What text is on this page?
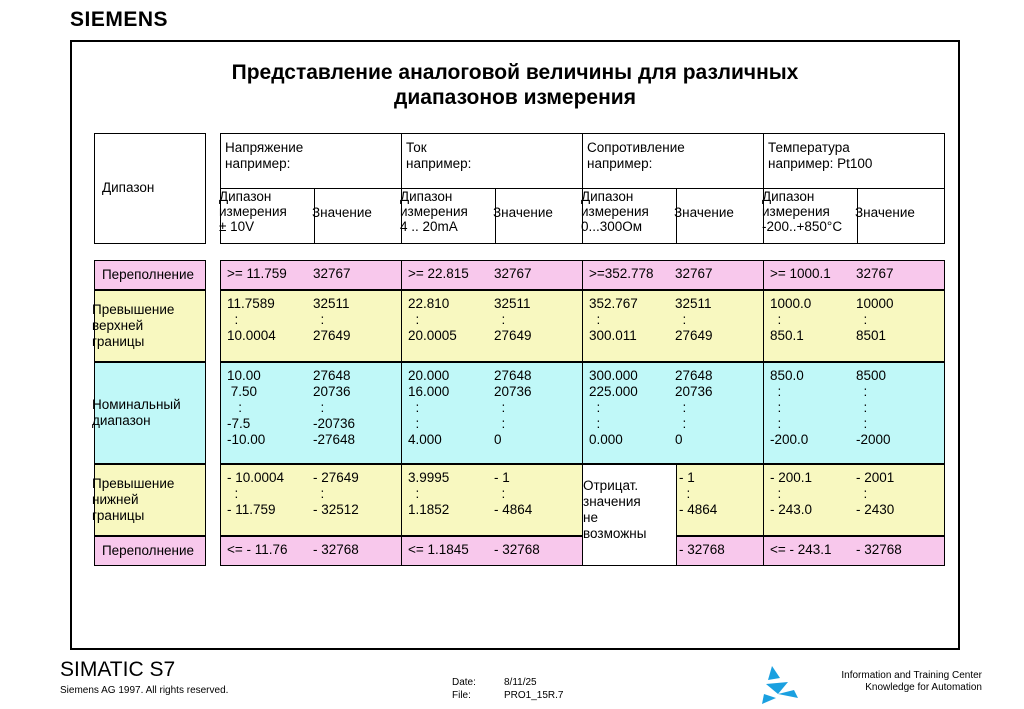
SIEMENS
Представление аналоговой величины для различных
диапазонов измерения
Дипазон
Переполнение
Превышение
верхней
границы
Номинальный
диапазон
Превышение
нижней
границы
Переполнение
Напряжение
например:
Дипазон
измерения
± 10V
Значение
>= 11.759 32767
11.7589
:
10.0004
32511
:
27649
10.00
7.50
:
-7.5
-10.00
27648
20736
:
-20736
-27648
- 10.0004
:
- 11.759
- 27649
:
- 32512
<= - 11.76 - 32768
Ток
например:
Дипазон
измерения
4 .. 20mA
Значение
>= 22.815 32767
22.810
:
20.0005
32511
:
27649
20.000
16.000
:
:
4.000
27648
20736
:
:
0
3.9995
:
1.1852
- 1
:
- 4864
<= 1.1845 - 32768
Сопротивление
например:
Дипазон
измерения
0...300Ом
Значение
>=352.778 32767
352.767
:
300.011
32511
:
27649
300.000
225.000
:
:
0.000
27648
20736
:
:
0
Отрицат.
значения
не
возможны
- 1
:
- 4864
- 32768
Температура
например: Pt100
Дипазон
измерения
-200..+850°C
Значение
>= 1000.1 32767
1000.0
:
850.1
10000
:
8501
850.0
:
:
:
-200.0
8500
:
:
:
-2000
- 200.1
:
- 243.0
- 2001
:
- 2430
<= - 243.1 - 32768
SIMATIC S7
Siemens AG 1997. All rights reserved.
Date:	8/11/25
File:	PRO1_15R.7
Information and Training Center
Knowledge for Automation
